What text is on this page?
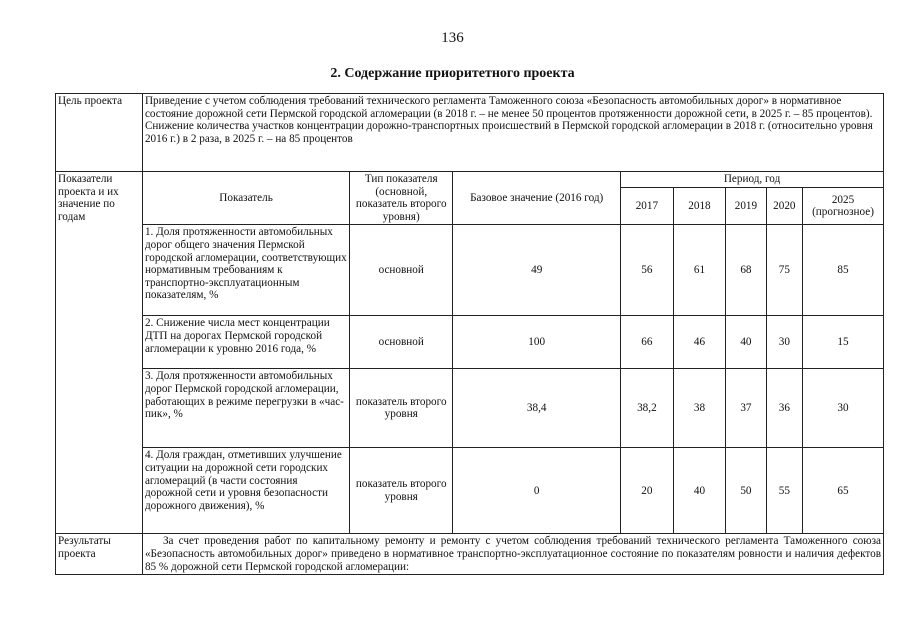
136
2. Содержание приоритетного проекта
Цель проекта	Приведение с учетом соблюдения требований технического регламента Таможенного союза «Безопасность автомобильных дорог» в нормативное состояние дорожной сети Пермской городской агломерации (в 2018 г. – не менее 50 процентов протяженности дорожной сети, в 2025 г. – 85 процентов).
Снижение количества участков концентрации дорожно-транспортных происшествий в Пермской городской агломерации в 2018 г. (относительно уровня 2016 г.) в 2 раза, в 2025 г. – на 85 процентов							

Показатели проекта и их значение по годам	Показатель	Тип показателя (основной, показатель второго уровня)	Базовое значение (2016 год)	Период, год				
				2017	2018	2019	2020	2025 (прогнозное)
	1. Доля протяженности автомобильных дорог общего значения Пермской городской агломерации, соответствующих нормативным требованиям к транспортно-эксплуатационным показателям, %	основной	49	56	61	68	75	85
	2. Снижение числа мест концентрации ДТП на дорогах Пермской городской агломерации к уровню 2016 года, %	основной	100	66	46	40	30	15
	3. Доля протяженности автомобильных дорог Пермской городской агломерации, работающих в режиме перегрузки в «час-пик», %	показатель второго уровня	38,4	38,2	38	37	36	30
	4. Доля граждан, отметивших улучшение ситуации на дорожной сети городских агломераций (в части состояния дорожной сети и уровня безопасности дорожного движения), %	показатель второго уровня	0	20	40	50	55	65
Результаты проекта	За счет проведения работ по капитальному ремонту и ремонту с учетом соблюдения требований технического регламента Таможенного союза «Безопасность автомобильных дорог» приведено в нормативное транспортно-эксплуатационное состояние по показателям ровности и наличия дефектов 85 % дорожной сети Пермской городской агломерации:							
